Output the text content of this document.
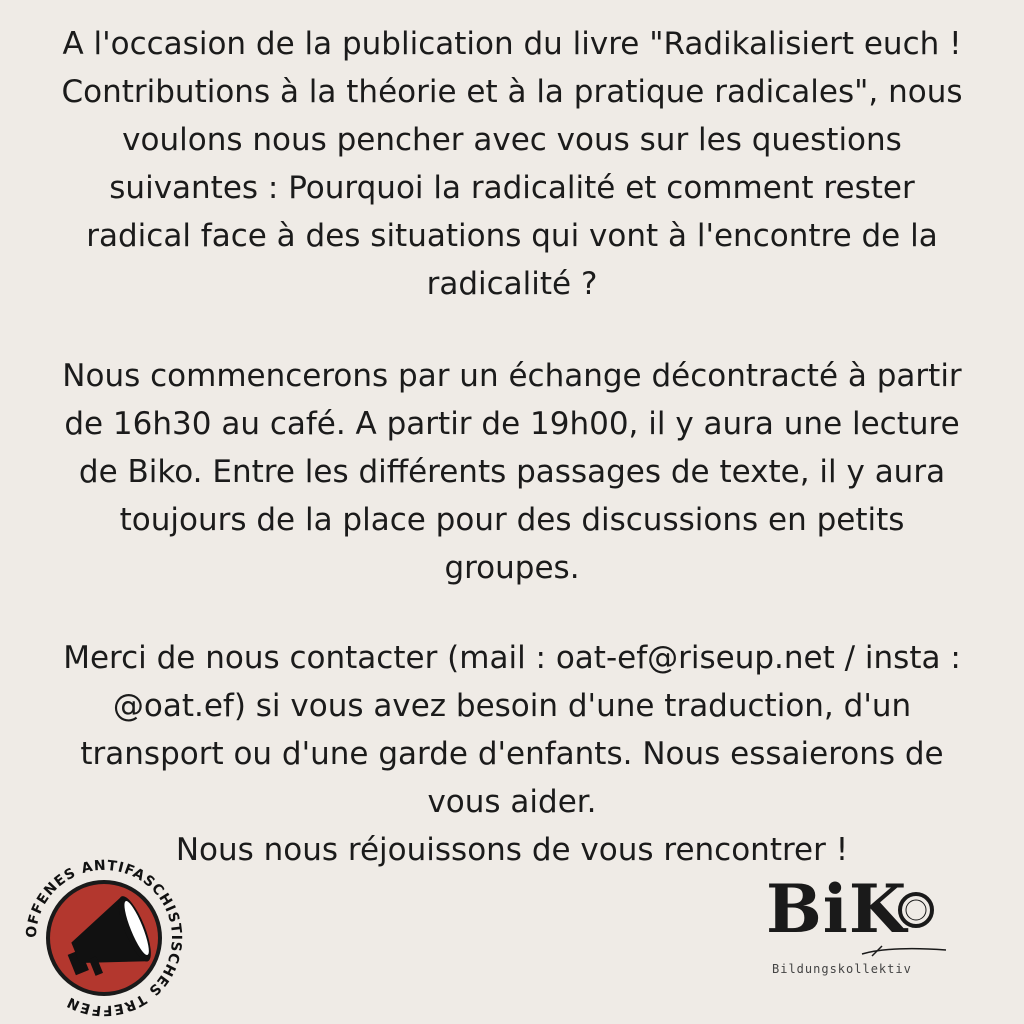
A l'occasion de la publication du livre "Radikalisiert euch !
Contributions à la théorie et à la pratique radicales", nous
voulons nous pencher avec vous sur les questions
suivantes : Pourquoi la radicalité et comment rester
radical face à des situations qui vont à l'encontre de la
radicalité ?
Nous commencerons par un échange décontracté à partir
de 16h30 au café. A partir de 19h00, il y aura une lecture
de Biko. Entre les différents passages de texte, il y aura
toujours de la place pour des discussions en petits
groupes.
Merci de nous contacter (mail : oat-ef@riseup.net / insta :
@oat.ef) si vous avez besoin d'une traduction, d'un
transport ou d'une garde d'enfants. Nous essaierons de
vous aider.
Nous nous réjouissons de vous rencontrer !
OFFENES ANTIFASCHISTISCHES TREFFEN
BiK
Bildungskollektiv
